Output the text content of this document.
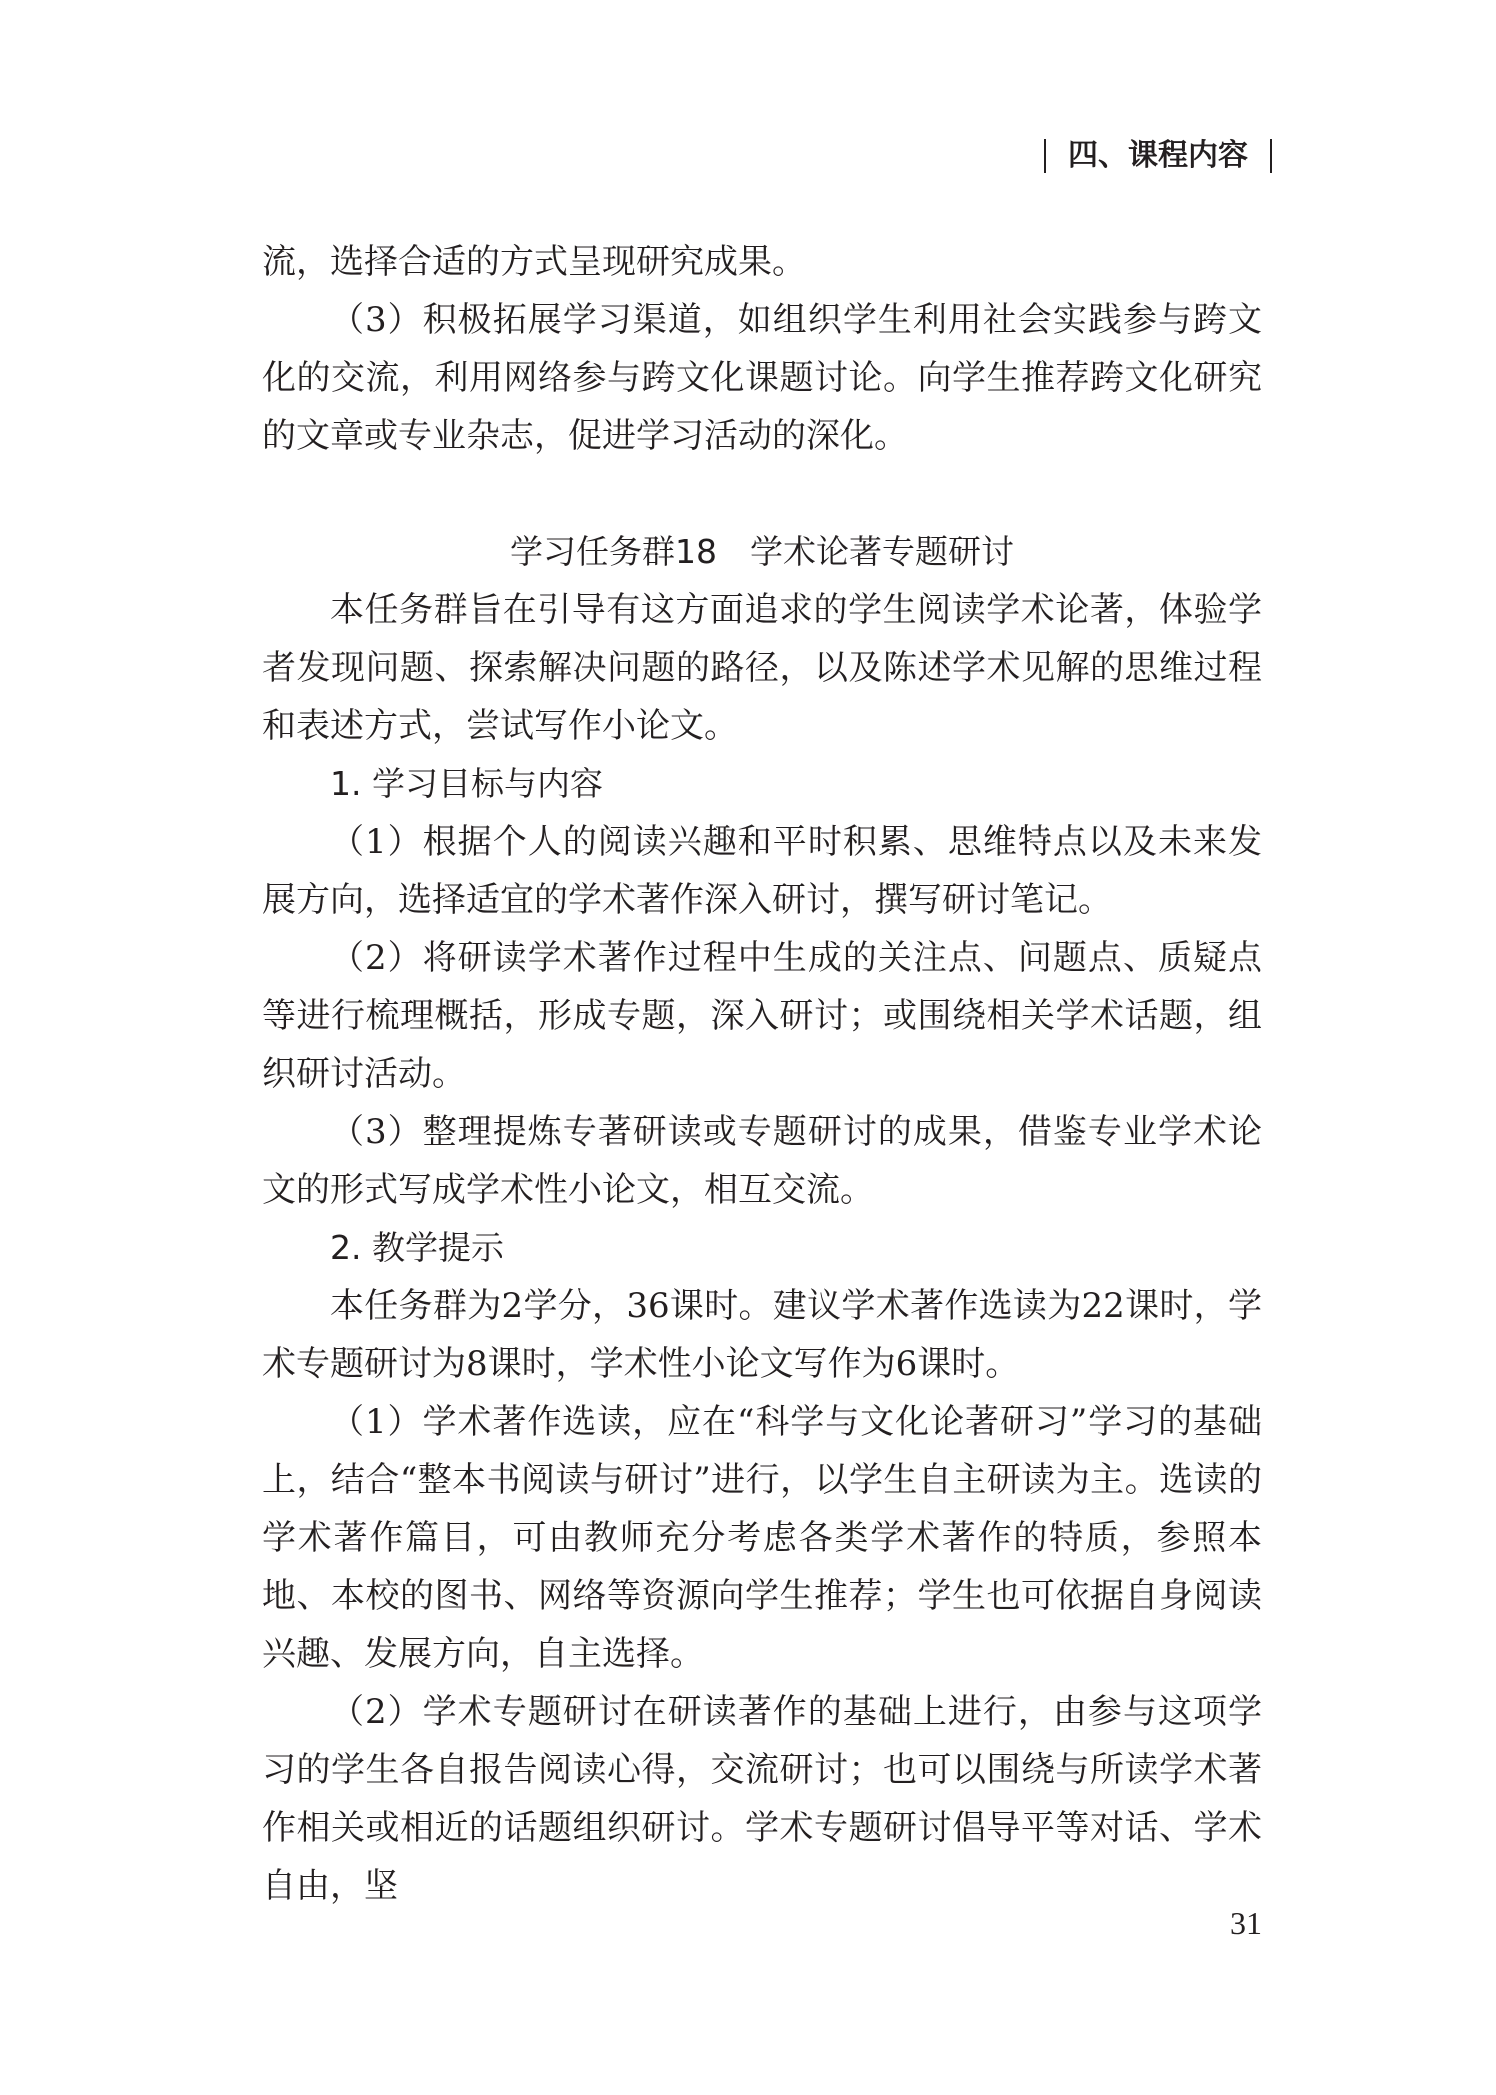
四、课程内容

流，选择合适的方式呈现研究成果。

（3）积极拓展学习渠道，如组织学生利用社会实践参与跨文化的交流，利用网络参与跨文化课题讨论。向学生推荐跨文化研究的文章或专业杂志，促进学习活动的深化。

学习任务群18　学术论著专题研讨

本任务群旨在引导有这方面追求的学生阅读学术论著，体验学者发现问题、探索解决问题的路径，以及陈述学术见解的思维过程和表述方式，尝试写作小论文。

1. 学习目标与内容

（1）根据个人的阅读兴趣和平时积累、思维特点以及未来发展方向，选择适宜的学术著作深入研讨，撰写研讨笔记。

（2）将研读学术著作过程中生成的关注点、问题点、质疑点等进行梳理概括，形成专题，深入研讨；或围绕相关学术话题，组织研讨活动。

（3）整理提炼专著研读或专题研讨的成果，借鉴专业学术论文的形式写成学术性小论文，相互交流。

2. 教学提示

本任务群为2学分，36课时。建议学术著作选读为22课时，学术专题研讨为8课时，学术性小论文写作为6课时。

（1）学术著作选读，应在“科学与文化论著研习”学习的基础上，结合“整本书阅读与研讨”进行，以学生自主研读为主。选读的学术著作篇目，可由教师充分考虑各类学术著作的特质，参照本地、本校的图书、网络等资源向学生推荐；学生也可依据自身阅读兴趣、发展方向，自主选择。

（2）学术专题研讨在研读著作的基础上进行，由参与这项学习的学生各自报告阅读心得，交流研讨；也可以围绕与所读学术著作相关或相近的话题组织研讨。学术专题研讨倡导平等对话、学术自由，坚

31
